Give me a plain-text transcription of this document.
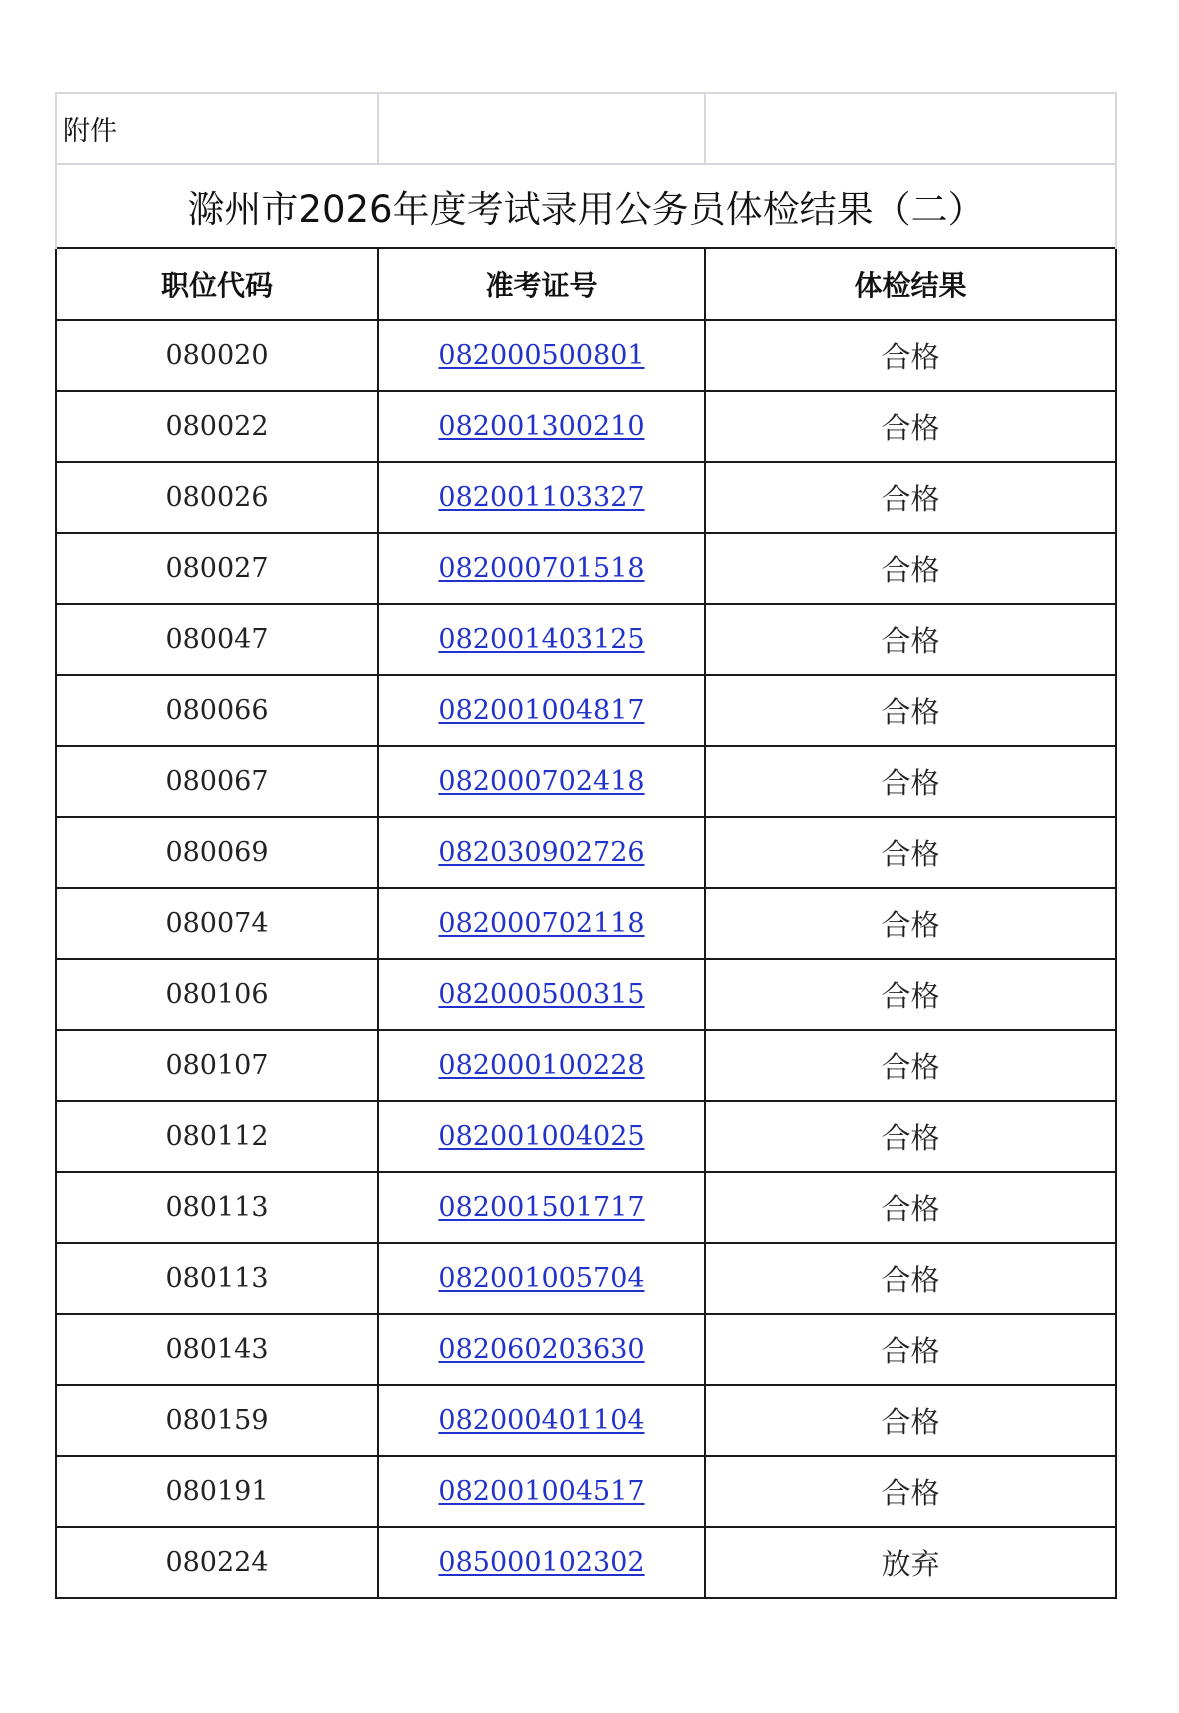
附件		
滁州市2026年度考试录用公务员体检结果（二）		
职位代码	准考证号	体检结果
080020	082000500801	合格
080022	082001300210	合格
080026	082001103327	合格
080027	082000701518	合格
080047	082001403125	合格
080066	082001004817	合格
080067	082000702418	合格
080069	082030902726	合格
080074	082000702118	合格
080106	082000500315	合格
080107	082000100228	合格
080112	082001004025	合格
080113	082001501717	合格
080113	082001005704	合格
080143	082060203630	合格
080159	082000401104	合格
080191	082001004517	合格
080224	085000102302	放弃
